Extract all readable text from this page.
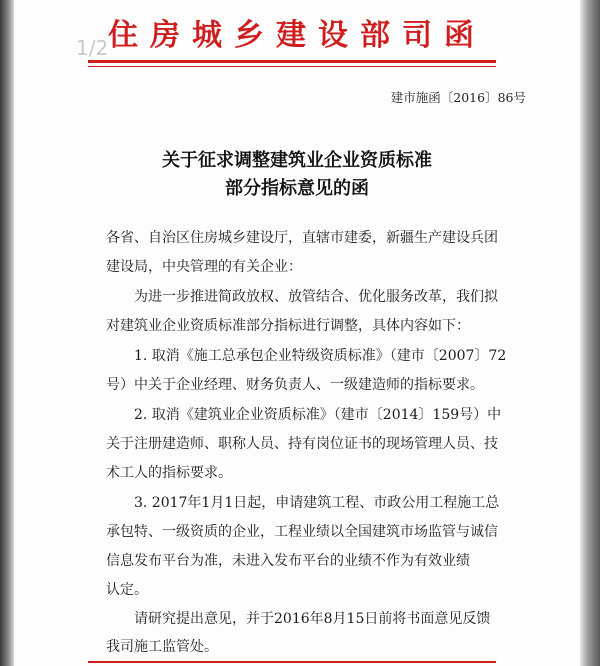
住房城乡建设部司函
1/2
建市施函〔2016〕86号
关于征求调整建筑业企业资质标准
部分指标意见的函
各省、自治区住房城乡建设厅，直辖市建委，新疆生产建设兵团
建设局，中央管理的有关企业：
为进一步推进简政放权、放管结合、优化服务改革，我们拟
对建筑业企业资质标准部分指标进行调整，具体内容如下：
1. 取消《施工总承包企业特级资质标准》（建市〔2007〕72
号）中关于企业经理、财务负责人、一级建造师的指标要求。
2. 取消《建筑业企业资质标准》（建市〔2014〕159号）中
关于注册建造师、职称人员、持有岗位证书的现场管理人员、技
术工人的指标要求。
3. 2017年1月1日起，申请建筑工程、市政公用工程施工总
承包特、一级资质的企业，工程业绩以全国建筑市场监管与诚信
信息发布平台为准，未进入发布平台的业绩不作为有效业绩
认定。
请研究提出意见，并于2016年8月15日前将书面意见反馈
我司施工监管处。
